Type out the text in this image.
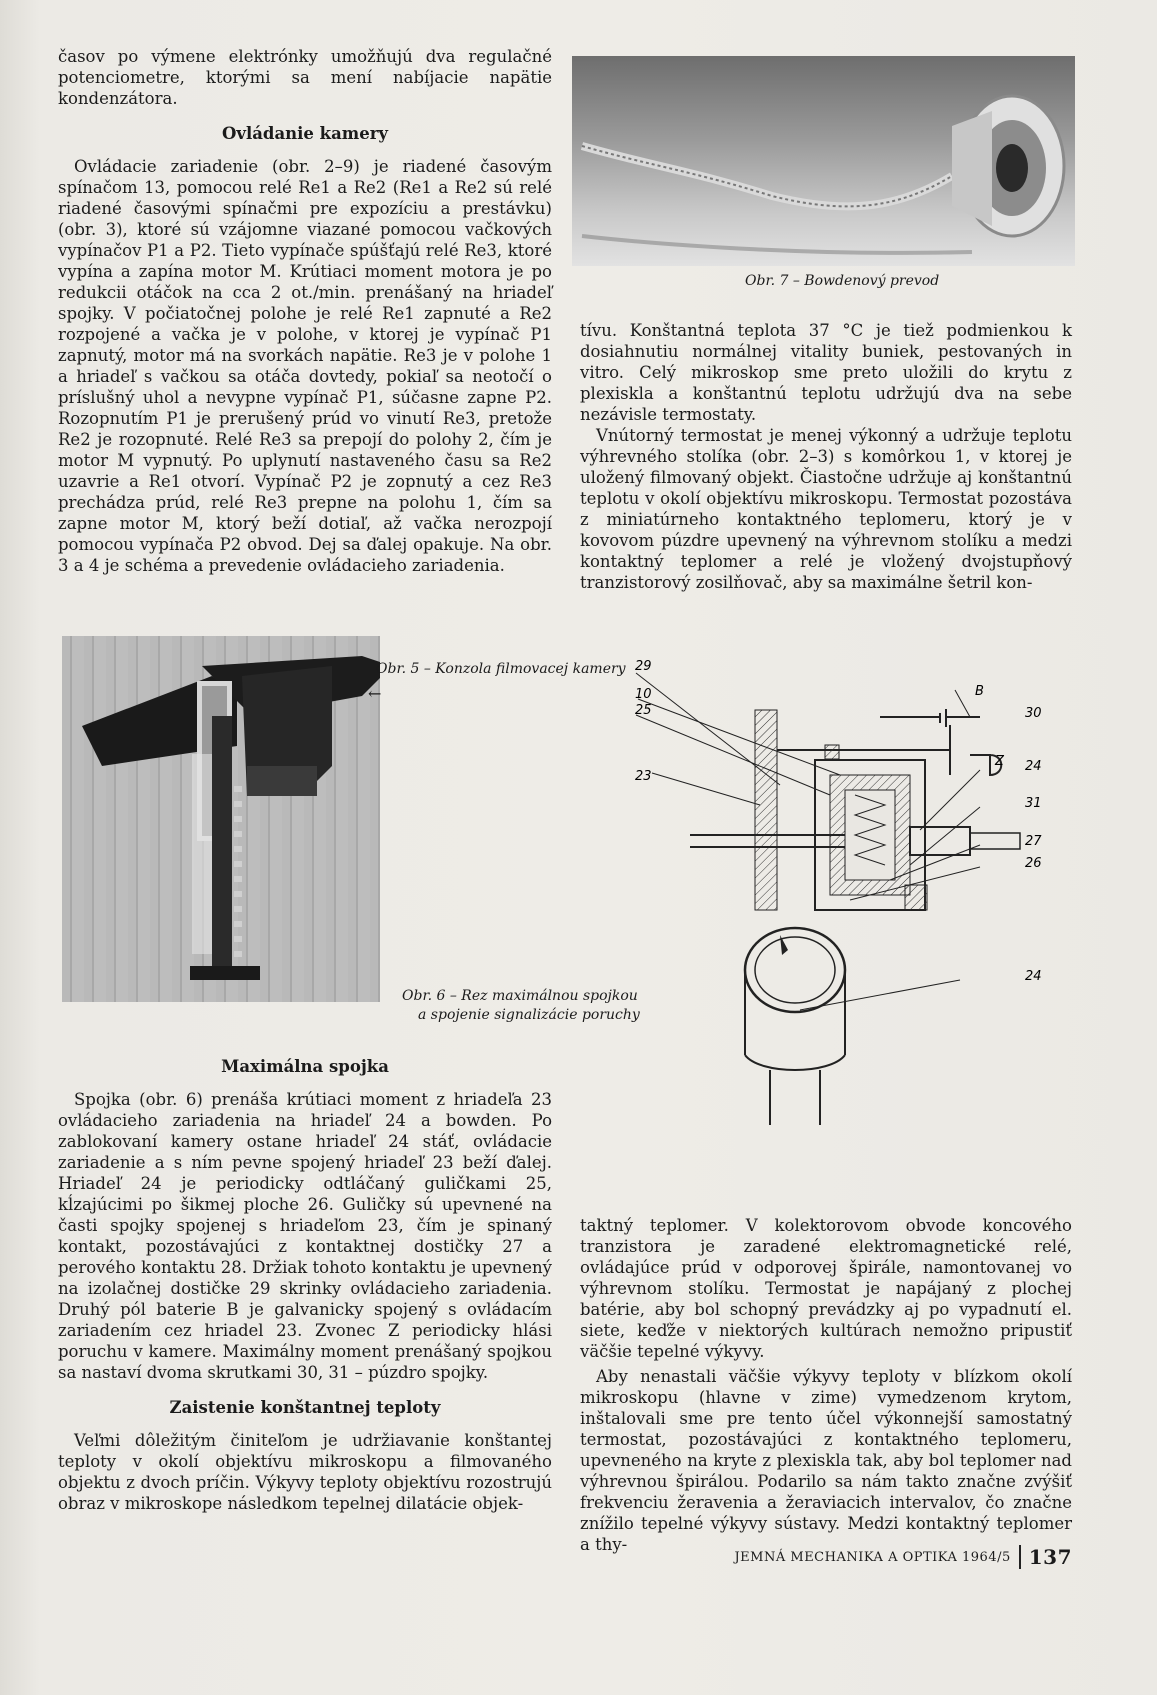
časov po výmene elektrónky umožňujú dva regulačné potenciometre, ktorými sa mení nabíjacie napätie kondenzátora.

Ovládanie kamery

Ovládacie zariadenie (obr. 2–9) je riadené časovým spínačom 13, pomocou relé Re1 a Re2 (Re1 a Re2 sú relé riadené časovými spínačmi pre expozíciu a prestávku) (obr. 3), ktoré sú vzájomne viazané pomocou vačkových vypínačov P1 a P2. Tieto vypínače spúšťajú relé Re3, ktoré vypína a zapína motor M. Krútiaci moment motora je po redukcii otáčok na cca 2 ot./min. prenášaný na hriadeľ spojky. V počiatočnej polohe je relé Re1 zapnuté a Re2 rozpojené a vačka je v polohe, v ktorej je vypínač P1 zapnutý, motor má na svorkách napätie. Re3 je v polohe 1 a hriadeľ s vačkou sa otáča dovtedy, pokiaľ sa neotočí o príslušný uhol a nevypne vypínač P1, súčasne zapne P2. Rozopnutím P1 je prerušený prúd vo vinutí Re3, pretože Re2 je rozopnuté. Relé Re3 sa prepojí do polohy 2, čím je motor M vypnutý. Po uplynutí nastaveného času sa Re2 uzavrie a Re1 otvorí. Vypínač P2 je zopnutý a cez Re3 prechádza prúd, relé Re3 prepne na polohu 1, čím sa zapne motor M, ktorý beží dotiaľ, až vačka nerozpojí pomocou vypínača P2 obvod. Dej sa ďalej opakuje. Na obr. 3 a 4 je schéma a prevedenie ovládacieho zariadenia.

Obr. 5 – Konzola filmovacej kamery
←
Obr. 6 – Rez maximálnou spojkou
a spojenie signalizácie poruchy
Maximálna spojka

Spojka (obr. 6) prenáša krútiaci moment z hriadeľa 23 ovládacieho zariadenia na hriadeľ 24 a bowden. Po zablokovaní kamery ostane hriadeľ 24 stáť, ovládacie zariadenie a s ním pevne spojený hriadeľ 23 beží ďalej. Hriadeľ 24 je periodicky odtláčaný guličkami 25, kĺzajúcimi po šikmej ploche 26. Guličky sú upevnené na časti spojky spojenej s hriadeľom 23, čím je spinaný kontakt, pozostávajúci z kontaktnej dostičky 27 a perového kontaktu 28. Držiak tohoto kontaktu je upevnený na izolačnej dostičke 29 skrinky ovládacieho zariadenia. Druhý pól baterie B je galvanicky spojený s ovládacím zariadením cez hriadel 23. Zvonec Z periodicky hlási poruchu v kamere. Maximálny moment prenášaný spojkou sa nastaví dvoma skrutkami 30, 31 – púzdro spojky.

Zaistenie konštantnej teploty

Veľmi dôležitým činiteľom je udržiavanie konštantej teploty v okolí objektívu mikroskopu a filmovaného objektu z dvoch príčin. Výkyvy teploty objektívu rozostrujú obraz v mikroskope následkom tepelnej dilatácie objek-

Obr. 7 – Bowdenový prevod

tívu. Konštantná teplota 37 °C je tiež podmienkou k dosiahnutiu normálnej vitality buniek, pestovaných in vitro. Celý mikroskop sme preto uložili do krytu z plexiskla a konštantnú teplotu udržujú dva na sebe nezávisle termostaty.

Vnútorný termostat je menej výkonný a udržuje teplotu výhrevného stolíka (obr. 2–3) s komôrkou 1, v ktorej je uložený filmovaný objekt. Čiastočne udržuje aj konštantnú teplotu v okolí objektívu mikroskopu. Termostat pozostáva z miniatúrneho kontaktného teplomeru, ktorý je v kovovom púzdre upevnený na výhrevnom stolíku a medzi kontaktný teplomer a relé je vložený dvojstupňový tranzistorový zosilňovač, aby sa maximálne šetril kon-

29
B
30
10
25
Z
23
24
31
27
26
24

taktný teplomer. V kolektorovom obvode koncového tranzistora je zaradené elektromagnetické relé, ovládajúce prúd v odporovej špirále, namontovanej vo výhrevnom stolíku. Termostat je napájaný z plochej batérie, aby bol schopný prevádzky aj po vypadnutí el. siete, keďže v niektorých kultúrach nemožno pripustiť väčšie tepelné výkyvy.

Aby nenastali väčšie výkyvy teploty v blízkom okolí mikroskopu (hlavne v zime) vymedzenom krytom, inštalovali sme pre tento účel výkonnejší samostatný termostat, pozostávajúci z kontaktného teplomeru, upevneného na kryte z plexiskla tak, aby bol teplomer nad výhrevnou špirálou. Podarilo sa nám takto značne zvýšiť frekvenciu žeravenia a žeraviacich intervalov, čo značne znížilo tepelné výkyvy sústavy. Medzi kontaktný teplomer a thy-

JEMNÁ MECHANIKA A OPTIKA 1964/5 137
